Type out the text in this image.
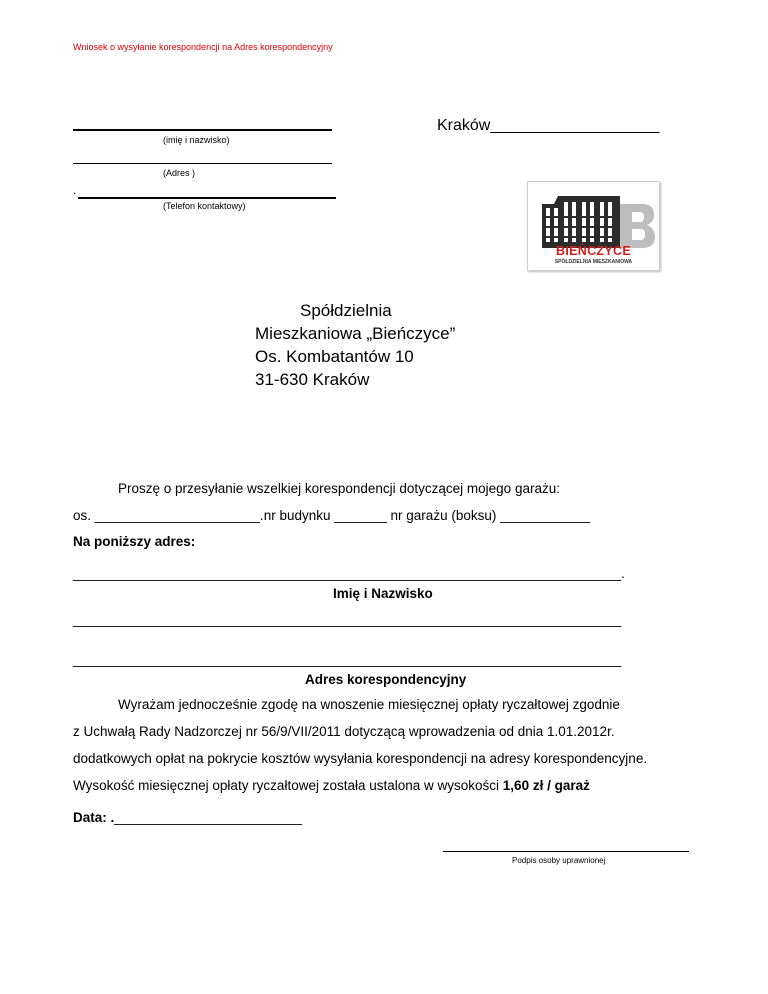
Wniosek o wysyłanie korespondencji na Adres korespondencyjny
(imię i nazwisko)
(Adres )
.
(Telefon kontaktowy)
Kraków___________________
BIEŃCZYCE
SPÓŁDZIELNIA MIESZKANIOWA
Spółdzielnia
Mieszkaniowa „Bieńczyce”
Os. Kombatantów 10
31-630 Kraków
Proszę o przesyłanie wszelkiej korespondencji dotyczącej mojego garażu:
os. ______________________.nr budynku _______ nr garażu (boksu) ____________
Na poniższy adres:
_________________________________________________________________________.
Imię i Nazwisko
_________________________________________________________________________
_________________________________________________________________________
Adres korespondencyjny
Wyrażam jednocześnie zgodę na wnoszenie miesięcznej opłaty ryczałtowej zgodnie
z Uchwałą Rady Nadzorczej nr 56/9/VII/2011 dotyczącą wprowadzenia od dnia 1.01.2012r.
dodatkowych opłat na pokrycie kosztów wysyłania korespondencji na adresy korespondencyjne.
Wysokość miesięcznej opłaty ryczałtowej została ustalona w wysokości 1,60 zł / garaż
Data: ._________________________
Podpis osoby uprawnionej
